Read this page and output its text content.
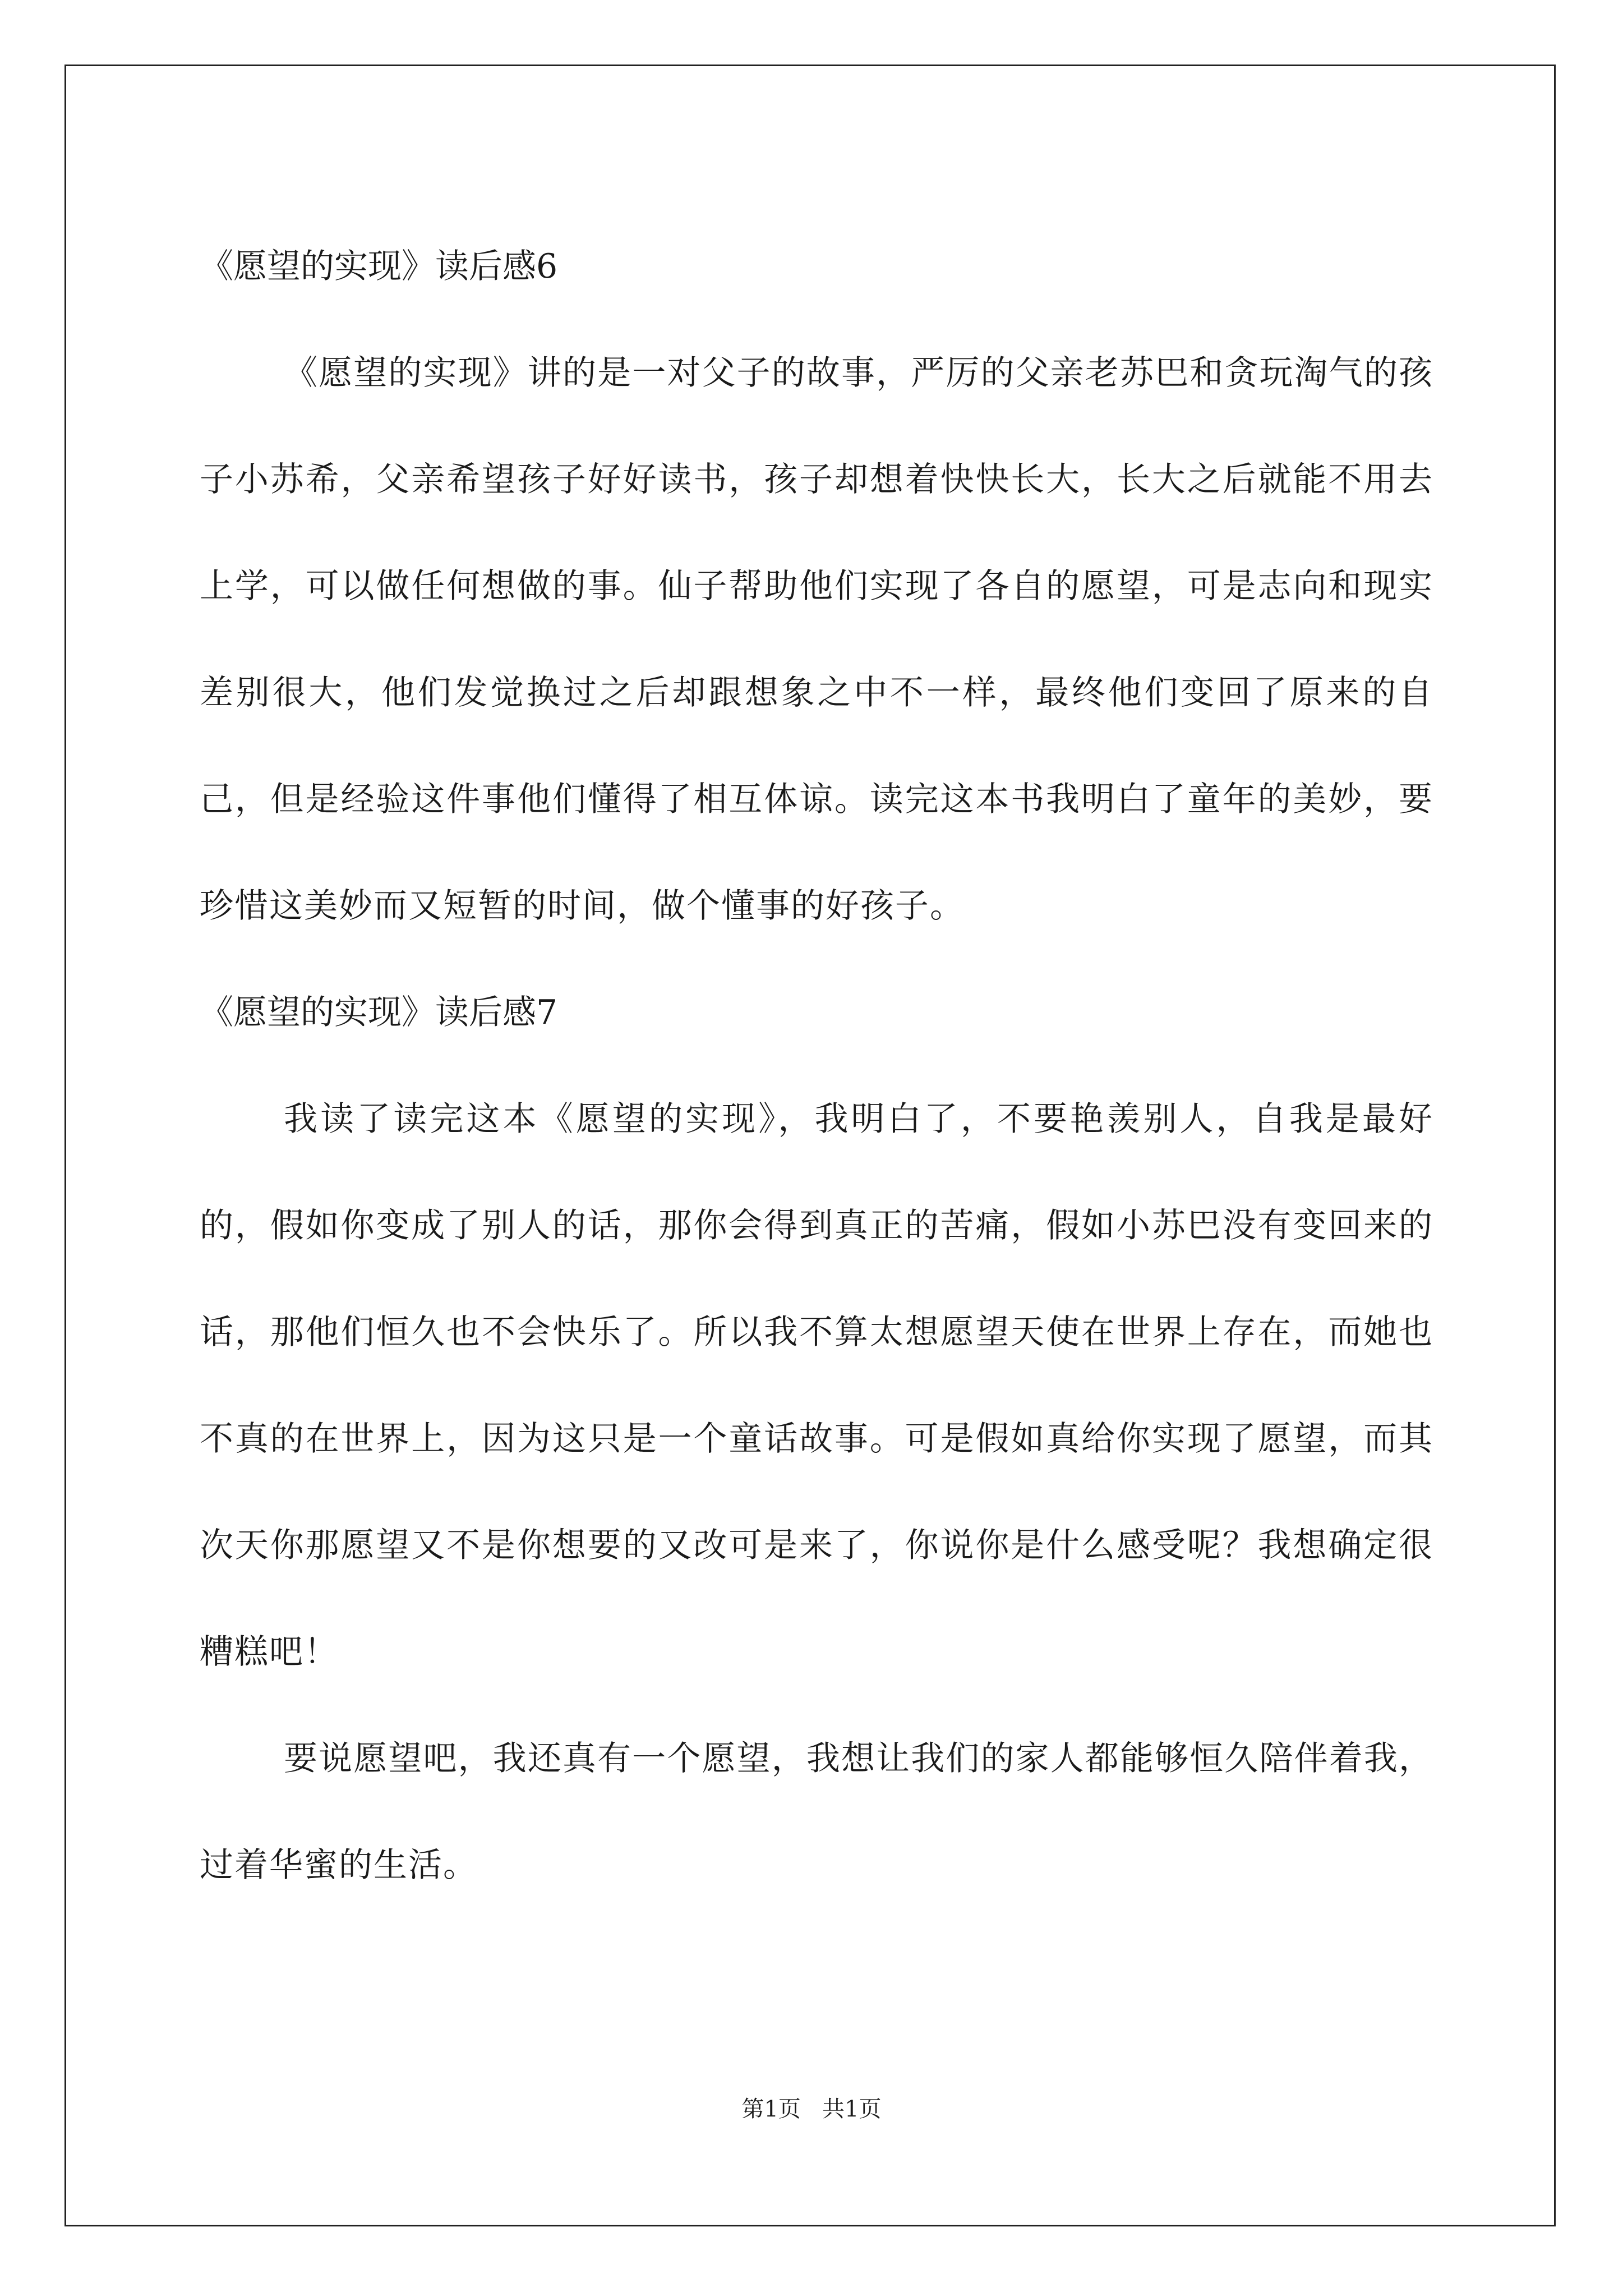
《愿望的实现》读后感6

《愿望的实现》讲的是一对父子的故事，严厉的父亲老苏巴和贪玩淘气的孩子小苏希，父亲希望孩子好好读书，孩子却想着快快长大，长大之后就能不用去上学，可以做任何想做的事。仙子帮助他们实现了各自的愿望，可是志向和现实差别很大，他们发觉换过之后却跟想象之中不一样，最终他们变回了原来的自己，但是经验这件事他们懂得了相互体谅。读完这本书我明白了童年的美妙，要珍惜这美妙而又短暂的时间，做个懂事的好孩子。

《愿望的实现》读后感7

我读了读完这本《愿望的实现》，我明白了，不要艳羡别人，自我是最好的，假如你变成了别人的话，那你会得到真正的苦痛，假如小苏巴没有变回来的话，那他们恒久也不会快乐了。所以我不算太想愿望天使在世界上存在，而她也不真的在世界上，因为这只是一个童话故事。可是假如真给你实现了愿望，而其次天你那愿望又不是你想要的又改可是来了，你说你是什么感受呢？我想确定很糟糕吧！

要说愿望吧，我还真有一个愿望，我想让我们的家人都能够恒久陪伴着我，过着华蜜的生活。

第1页   共1页
